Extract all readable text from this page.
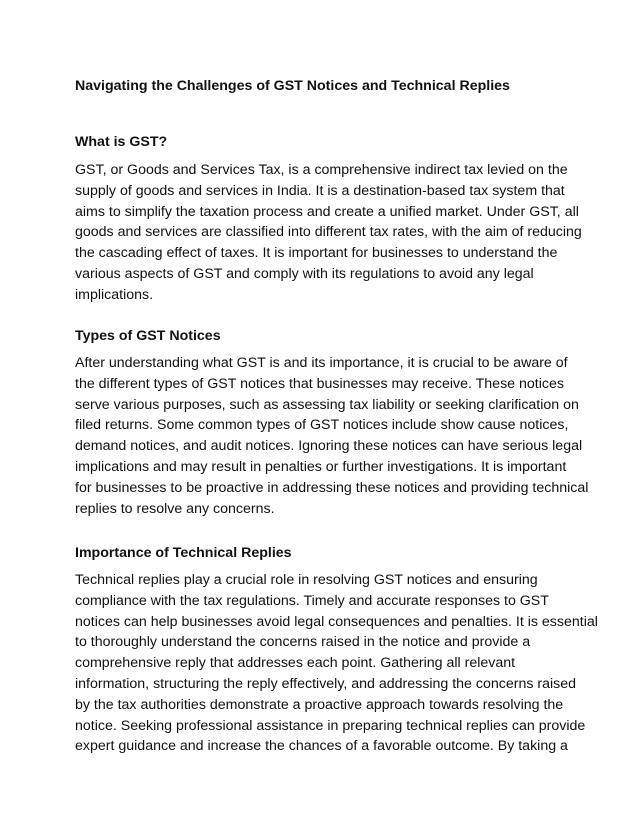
Navigating the Challenges of GST Notices and Technical Replies
What is GST?
GST, or Goods and Services Tax, is a comprehensive indirect tax levied on the
supply of goods and services in India. It is a destination-based tax system that
aims to simplify the taxation process and create a unified market. Under GST, all
goods and services are classified into different tax rates, with the aim of reducing
the cascading effect of taxes. It is important for businesses to understand the
various aspects of GST and comply with its regulations to avoid any legal
implications.
Types of GST Notices
After understanding what GST is and its importance, it is crucial to be aware of
the different types of GST notices that businesses may receive. These notices
serve various purposes, such as assessing tax liability or seeking clarification on
filed returns. Some common types of GST notices include show cause notices,
demand notices, and audit notices. Ignoring these notices can have serious legal
implications and may result in penalties or further investigations. It is important
for businesses to be proactive in addressing these notices and providing technical
replies to resolve any concerns.
Importance of Technical Replies
Technical replies play a crucial role in resolving GST notices and ensuring
compliance with the tax regulations. Timely and accurate responses to GST
notices can help businesses avoid legal consequences and penalties. It is essential
to thoroughly understand the concerns raised in the notice and provide a
comprehensive reply that addresses each point. Gathering all relevant
information, structuring the reply effectively, and addressing the concerns raised
by the tax authorities demonstrate a proactive approach towards resolving the
notice. Seeking professional assistance in preparing technical replies can provide
expert guidance and increase the chances of a favorable outcome. By taking a
